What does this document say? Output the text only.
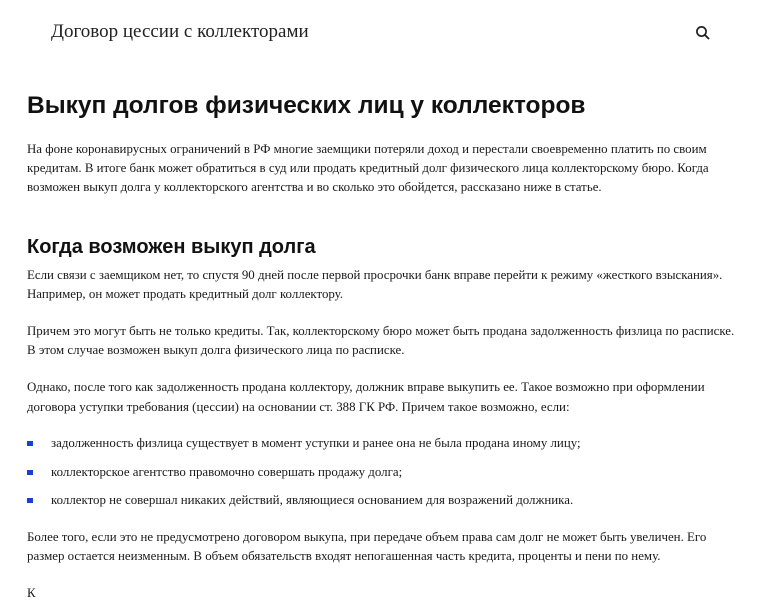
Договор цессии с коллекторами
Выкуп долгов физических лиц у коллекторов

На фоне коронавирусных ограничений в РФ многие заемщики потеряли доход и перестали своевременно платить по своим кредитам. В итоге банк может обратиться в суд или продать кредитный долг физического лица коллекторскому бюро. Когда возможен выкуп долга у коллекторского агентства и во сколько это обойдется, рассказано ниже в статье.

Когда возможен выкуп долга

Если связи с заемщиком нет, то спустя 90 дней после первой просрочки банк вправе перейти к режиму «жесткого взыскания». Например, он может продать кредитный долг коллектору.

Причем это могут быть не только кредиты. Так, коллекторскому бюро может быть продана задолженность физлица по расписке. В этом случае возможен выкуп долга физического лица по расписке.

Однако, после того как задолженность продана коллектору, должник вправе выкупить ее. Такое возможно при оформлении договора уступки требования (цессии) на основании ст. 388 ГК РФ. Причем такое возможно, если:

задолженность физлица существует в момент уступки и ранее она не была продана иному лицу;
коллекторское агентство правомочно совершать продажу долга;
коллектор не совершал никаких действий, являющиеся основанием для возражений должника.

Более того, если это не предусмотрено договором выкупа, при передаче объем права сам долг не может быть увеличен. Его размер остается неизменным. В объем обязательств входят непогашенная часть кредита, проценты и пени по нему.

К
